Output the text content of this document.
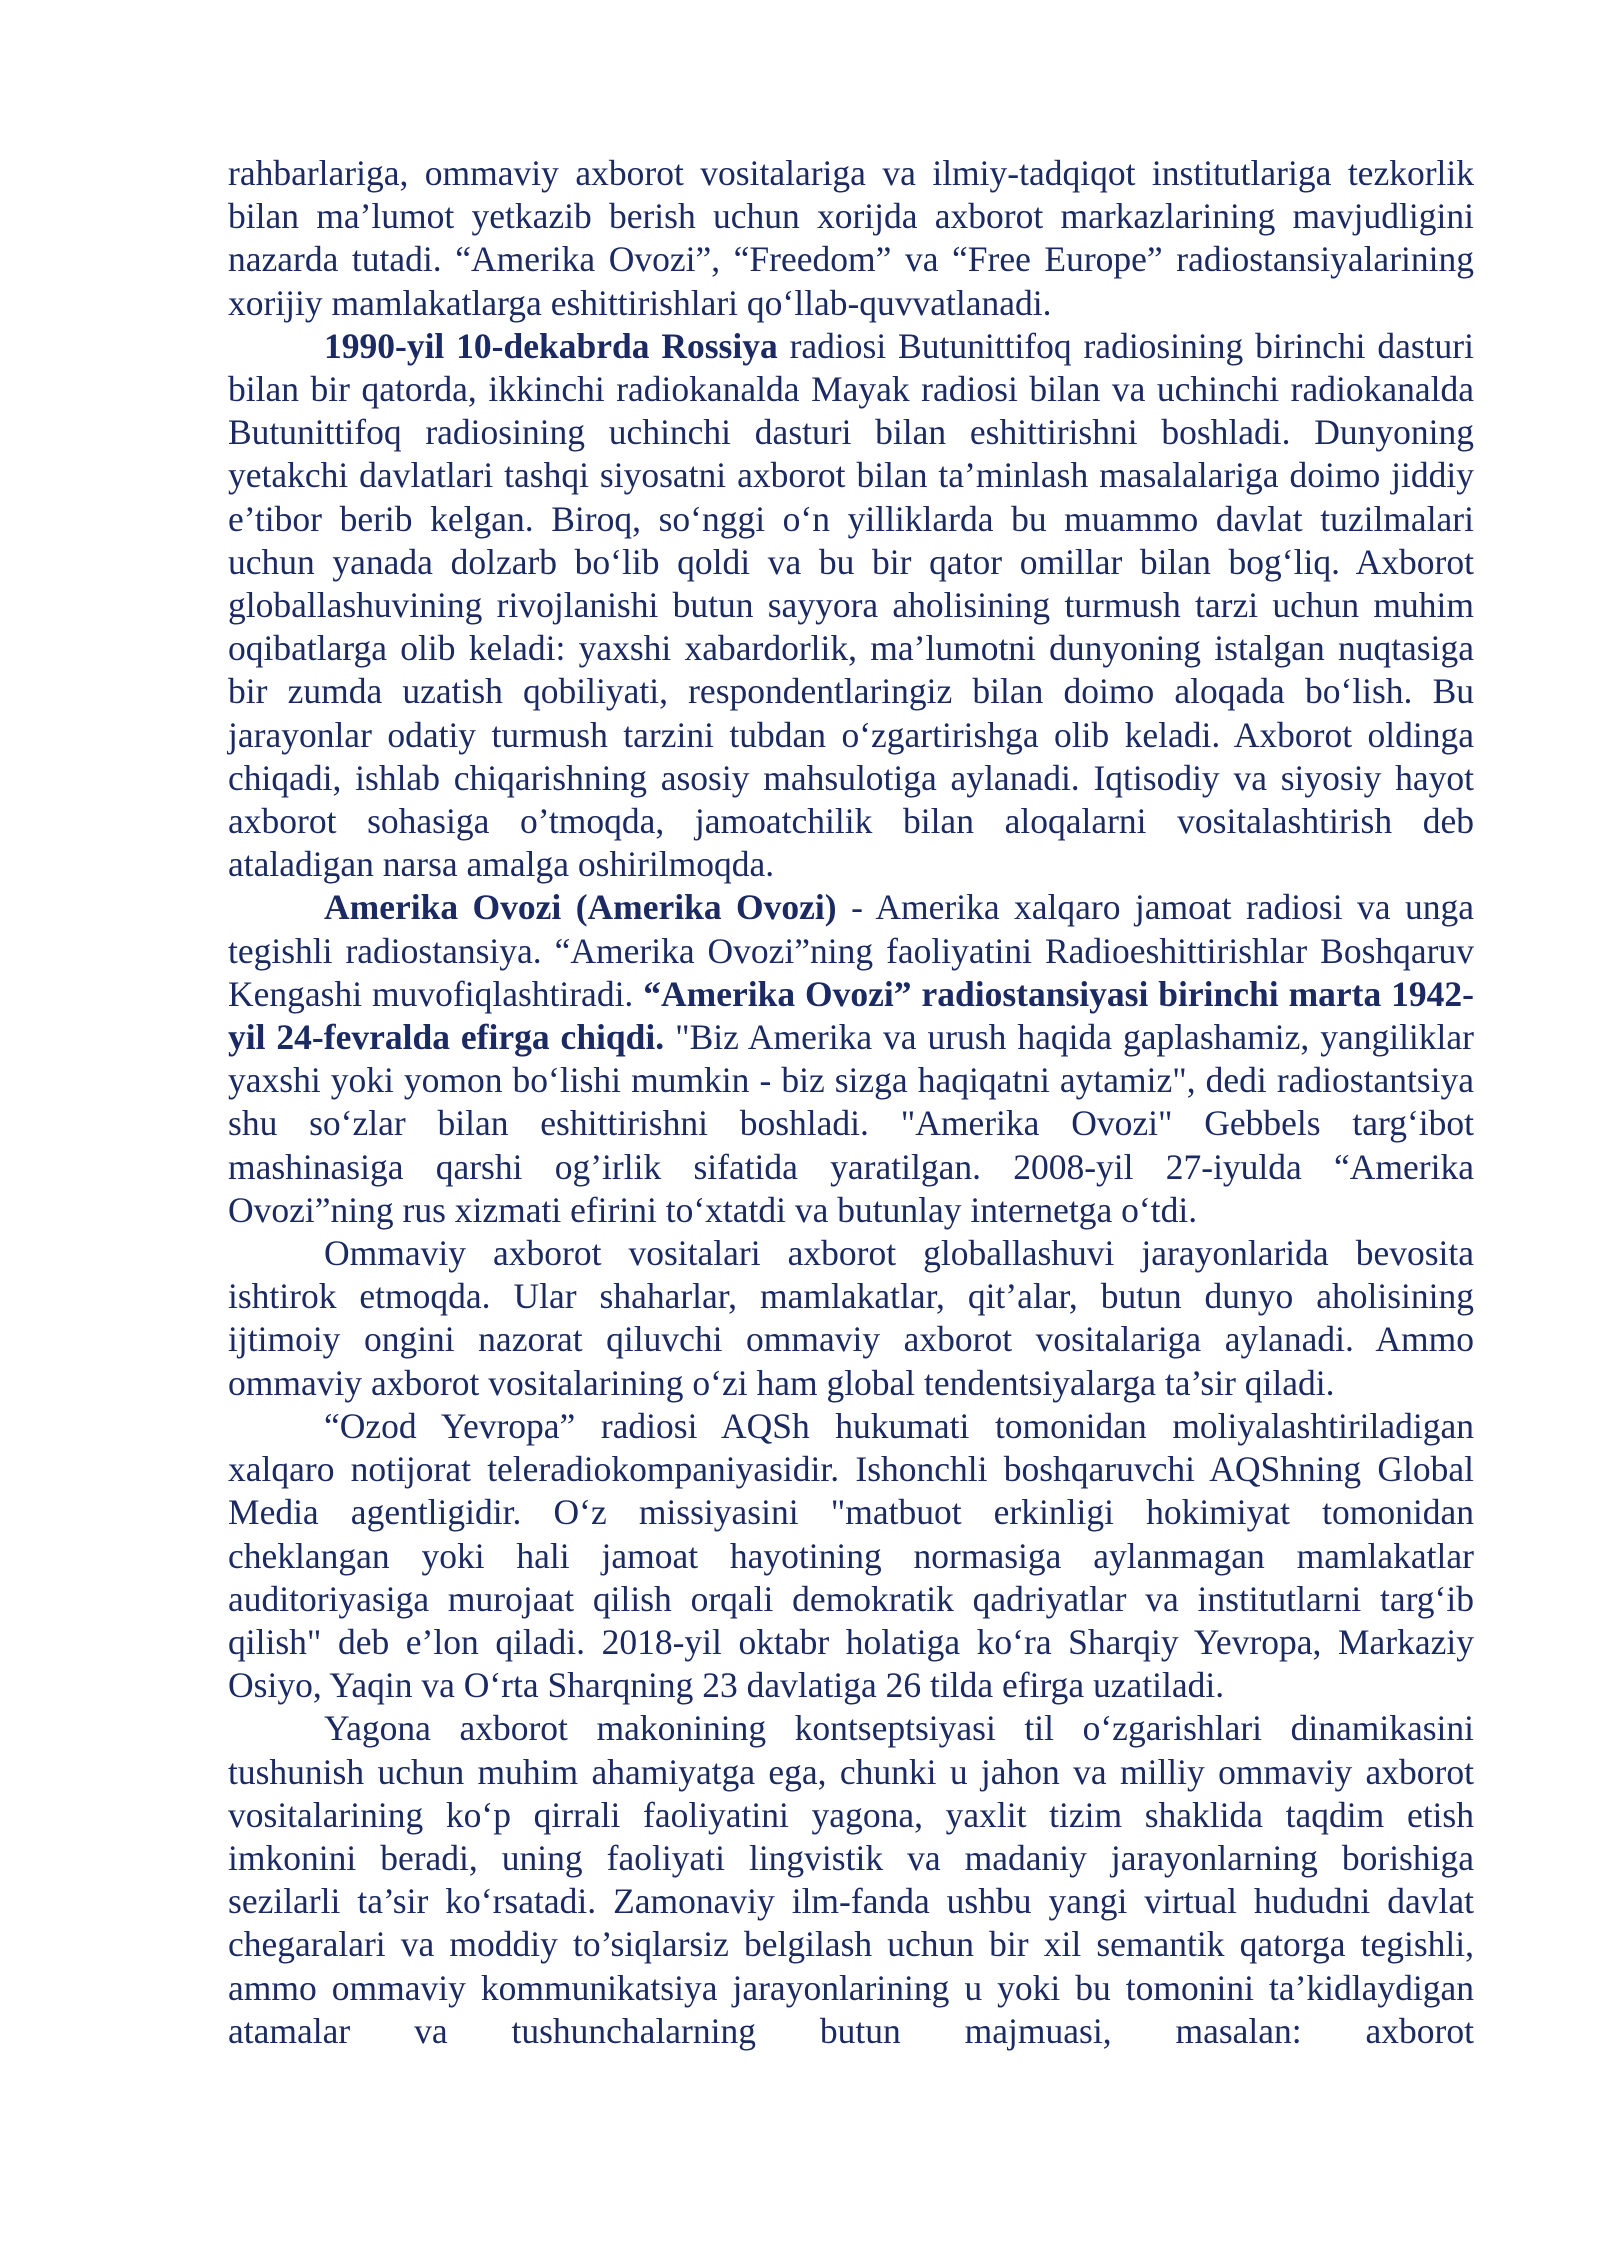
rahbarlariga, ommaviy axborot vositalariga va ilmiy-tadqiqot institutlariga tezkorlik bilan ma’lumot yetkazib berish uchun xorijda axborot markazlarining mavjudligini nazarda tutadi. “Amerika Ovozi”, “Freedom” va “Free Europe” radiostansiyalarining xorijiy mamlakatlarga eshittirishlari qo‘llab-quvvatlanadi.

1990-yil 10-dekabrda Rossiya radiosi Butunittifoq radiosining birinchi dasturi bilan bir qatorda, ikkinchi radiokanalda Mayak radiosi bilan va uchinchi radiokanalda Butunittifoq radiosining uchinchi dasturi bilan eshittirishni boshladi. Dunyoning yetakchi davlatlari tashqi siyosatni axborot bilan ta’minlash masalalariga doimo jiddiy e’tibor berib kelgan. Biroq, so‘nggi o‘n yilliklarda bu muammo davlat tuzilmalari uchun yanada dolzarb bo‘lib qoldi va bu bir qator omillar bilan bog‘liq. Axborot globallashuvining rivojlanishi butun sayyora aholisining turmush tarzi uchun muhim oqibatlarga olib keladi: yaxshi xabardorlik, ma’lumotni dunyoning istalgan nuqtasiga bir zumda uzatish qobiliyati, respondentlaringiz bilan doimo aloqada bo‘lish. Bu jarayonlar odatiy turmush tarzini tubdan o‘zgartirishga olib keladi. Axborot oldinga chiqadi, ishlab chiqarishning asosiy mahsulotiga aylanadi. Iqtisodiy va siyosiy hayot axborot sohasiga o’tmoqda, jamoatchilik bilan aloqalarni vositalashtirish deb ataladigan narsa amalga oshirilmoqda.

Amerika Ovozi (Amerika Ovozi) - Amerika xalqaro jamoat radiosi va unga tegishli radiostansiya. “Amerika Ovozi”ning faoliyatini Radioeshittirishlar Boshqaruv Kengashi muvofiqlashtiradi. “Amerika Ovozi” radiostansiyasi birinchi marta 1942-yil 24-fevralda efirga chiqdi. "Biz Amerika va urush haqida gaplashamiz, yangiliklar yaxshi yoki yomon bo‘lishi mumkin - biz sizga haqiqatni aytamiz", dedi radiostantsiya shu so‘zlar bilan eshittirishni boshladi. "Amerika Ovozi" Gebbels targ‘ibot mashinasiga qarshi og’irlik sifatida yaratilgan. 2008-yil 27-iyulda “Amerika Ovozi”ning rus xizmati efirini to‘xtatdi va butunlay internetga o‘tdi.

Ommaviy axborot vositalari axborot globallashuvi jarayonlarida bevosita ishtirok etmoqda. Ular shaharlar, mamlakatlar, qit’alar, butun dunyo aholisining ijtimoiy ongini nazorat qiluvchi ommaviy axborot vositalariga aylanadi. Ammo ommaviy axborot vositalarining o‘zi ham global tendentsiyalarga ta’sir qiladi.

“Ozod Yevropa” radiosi AQSh hukumati tomonidan moliyalashtiriladigan xalqaro notijorat teleradiokompaniyasidir. Ishonchli boshqaruvchi AQShning Global Media agentligidir. O‘z missiyasini "matbuot erkinligi hokimiyat tomonidan cheklangan yoki hali jamoat hayotining normasiga aylanmagan mamlakatlar auditoriyasiga murojaat qilish orqali demokratik qadriyatlar va institutlarni targ‘ib qilish" deb e’lon qiladi. 2018-yil oktabr holatiga ko‘ra Sharqiy Yevropa, Markaziy Osiyo, Yaqin va O‘rta Sharqning 23 davlatiga 26 tilda efirga uzatiladi.

Yagona axborot makonining kontseptsiyasi til o‘zgarishlari dinamikasini tushunish uchun muhim ahamiyatga ega, chunki u jahon va milliy ommaviy axborot vositalarining ko‘p qirrali faoliyatini yagona, yaxlit tizim shaklida taqdim etish imkonini beradi, uning faoliyati lingvistik va madaniy jarayonlarning borishiga sezilarli ta’sir ko‘rsatadi. Zamonaviy ilm-fanda ushbu yangi virtual hududni davlat chegaralari va moddiy to’siqlarsiz belgilash uchun bir xil semantik qatorga tegishli, ammo ommaviy kommunikatsiya jarayonlarining u yoki bu tomonini ta’kidlaydigan atamalar va tushunchalarning butun majmuasi, masalan: axborot
